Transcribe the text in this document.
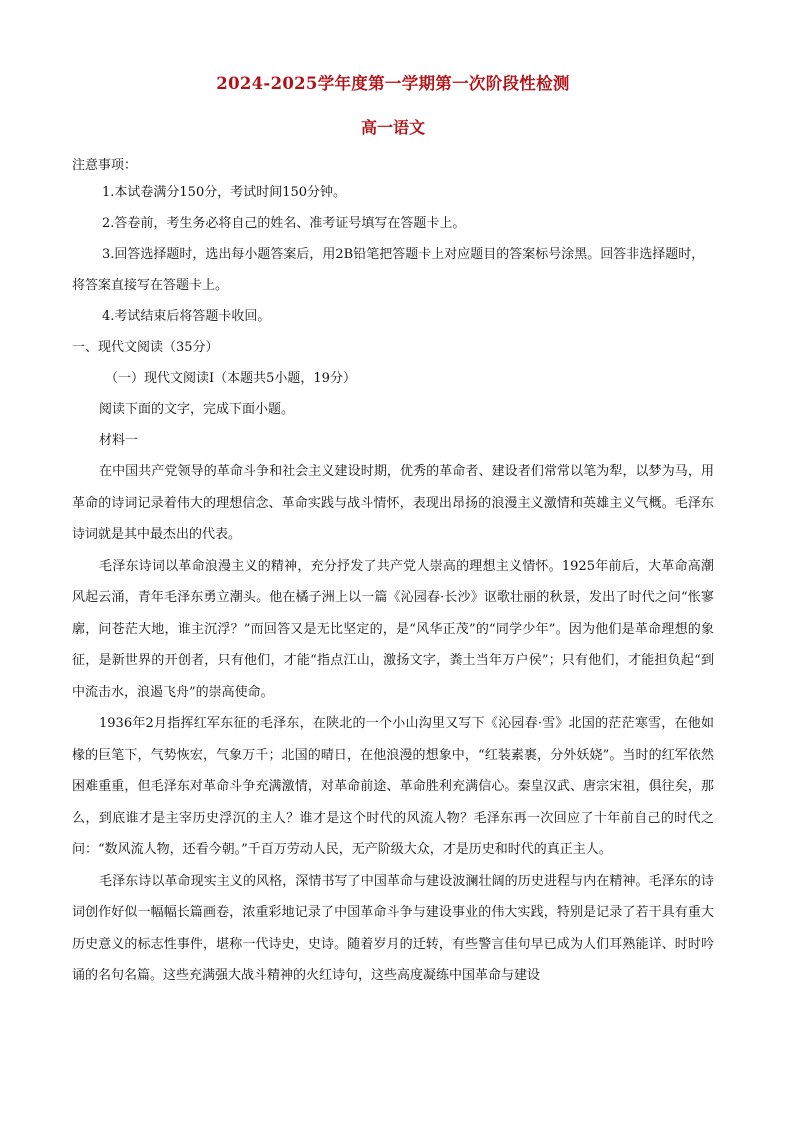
2024-2025学年度第一学期第一次阶段性检测
高一语文

注意事项：

1.本试卷满分150分，考试时间150分钟。

2.答卷前，考生务必将自己的姓名、准考证号填写在答题卡上。

3.回答选择题时，选出每小题答案后，用2B铅笔把答题卡上对应题目的答案标号涂黑。回答非选择题时，将答案直接写在答题卡上。

4.考试结束后将答题卡收回。

一、现代文阅读（35分）

（一）现代文阅读Ⅰ（本题共5小题，19分）

阅读下面的文字，完成下面小题。

材料一

在中国共产党领导的革命斗争和社会主义建设时期，优秀的革命者、建设者们常常以笔为犁，以梦为马，用革命的诗词记录着伟大的理想信念、革命实践与战斗情怀，表现出昂扬的浪漫主义激情和英雄主义气概。毛泽东诗词就是其中最杰出的代表。

毛泽东诗词以革命浪漫主义的精神，充分抒发了共产党人崇高的理想主义情怀。1925年前后，大革命高潮风起云涌，青年毛泽东勇立潮头。他在橘子洲上以一篇《沁园春·长沙》讴歌壮丽的秋景，发出了时代之问“怅寥廓，问苍茫大地，谁主沉浮？”而回答又是无比坚定的，是“风华正茂”的“同学少年”。因为他们是革命理想的象征，是新世界的开创者，只有他们，才能“指点江山，激扬文字，粪土当年万户侯”；只有他们，才能担负起“到中流击水，浪遏飞舟”的崇高使命。

1936年2月指挥红军东征的毛泽东，在陕北的一个小山沟里又写下《沁园春·雪》北国的茫茫寒雪，在他如椽的巨笔下，气势恢宏，气象万千；北国的晴日，在他浪漫的想象中，“红装素裹，分外妖娆”。当时的红军依然困难重重，但毛泽东对革命斗争充满激情，对革命前途、革命胜利充满信心。秦皇汉武、唐宗宋祖，俱往矣，那么，到底谁才是主宰历史浮沉的主人？谁才是这个时代的风流人物？毛泽东再一次回应了十年前自己的时代之问：“数风流人物，还看今朝。”千百万劳动人民，无产阶级大众，才是历史和时代的真正主人。

毛泽东诗以革命现实主义的风格，深情书写了中国革命与建设波澜壮阔的历史进程与内在精神。毛泽东的诗词创作好似一幅幅长篇画卷，浓重彩地记录了中国革命斗争与建设事业的伟大实践，特别是记录了若干具有重大历史意义的标志性事件，堪称一代诗史，史诗。随着岁月的迁转，有些警言佳句早已成为人们耳熟能详、时时吟诵的名句名篇。这些充满强大战斗精神的火红诗句，这些高度凝练中国革命与建设
